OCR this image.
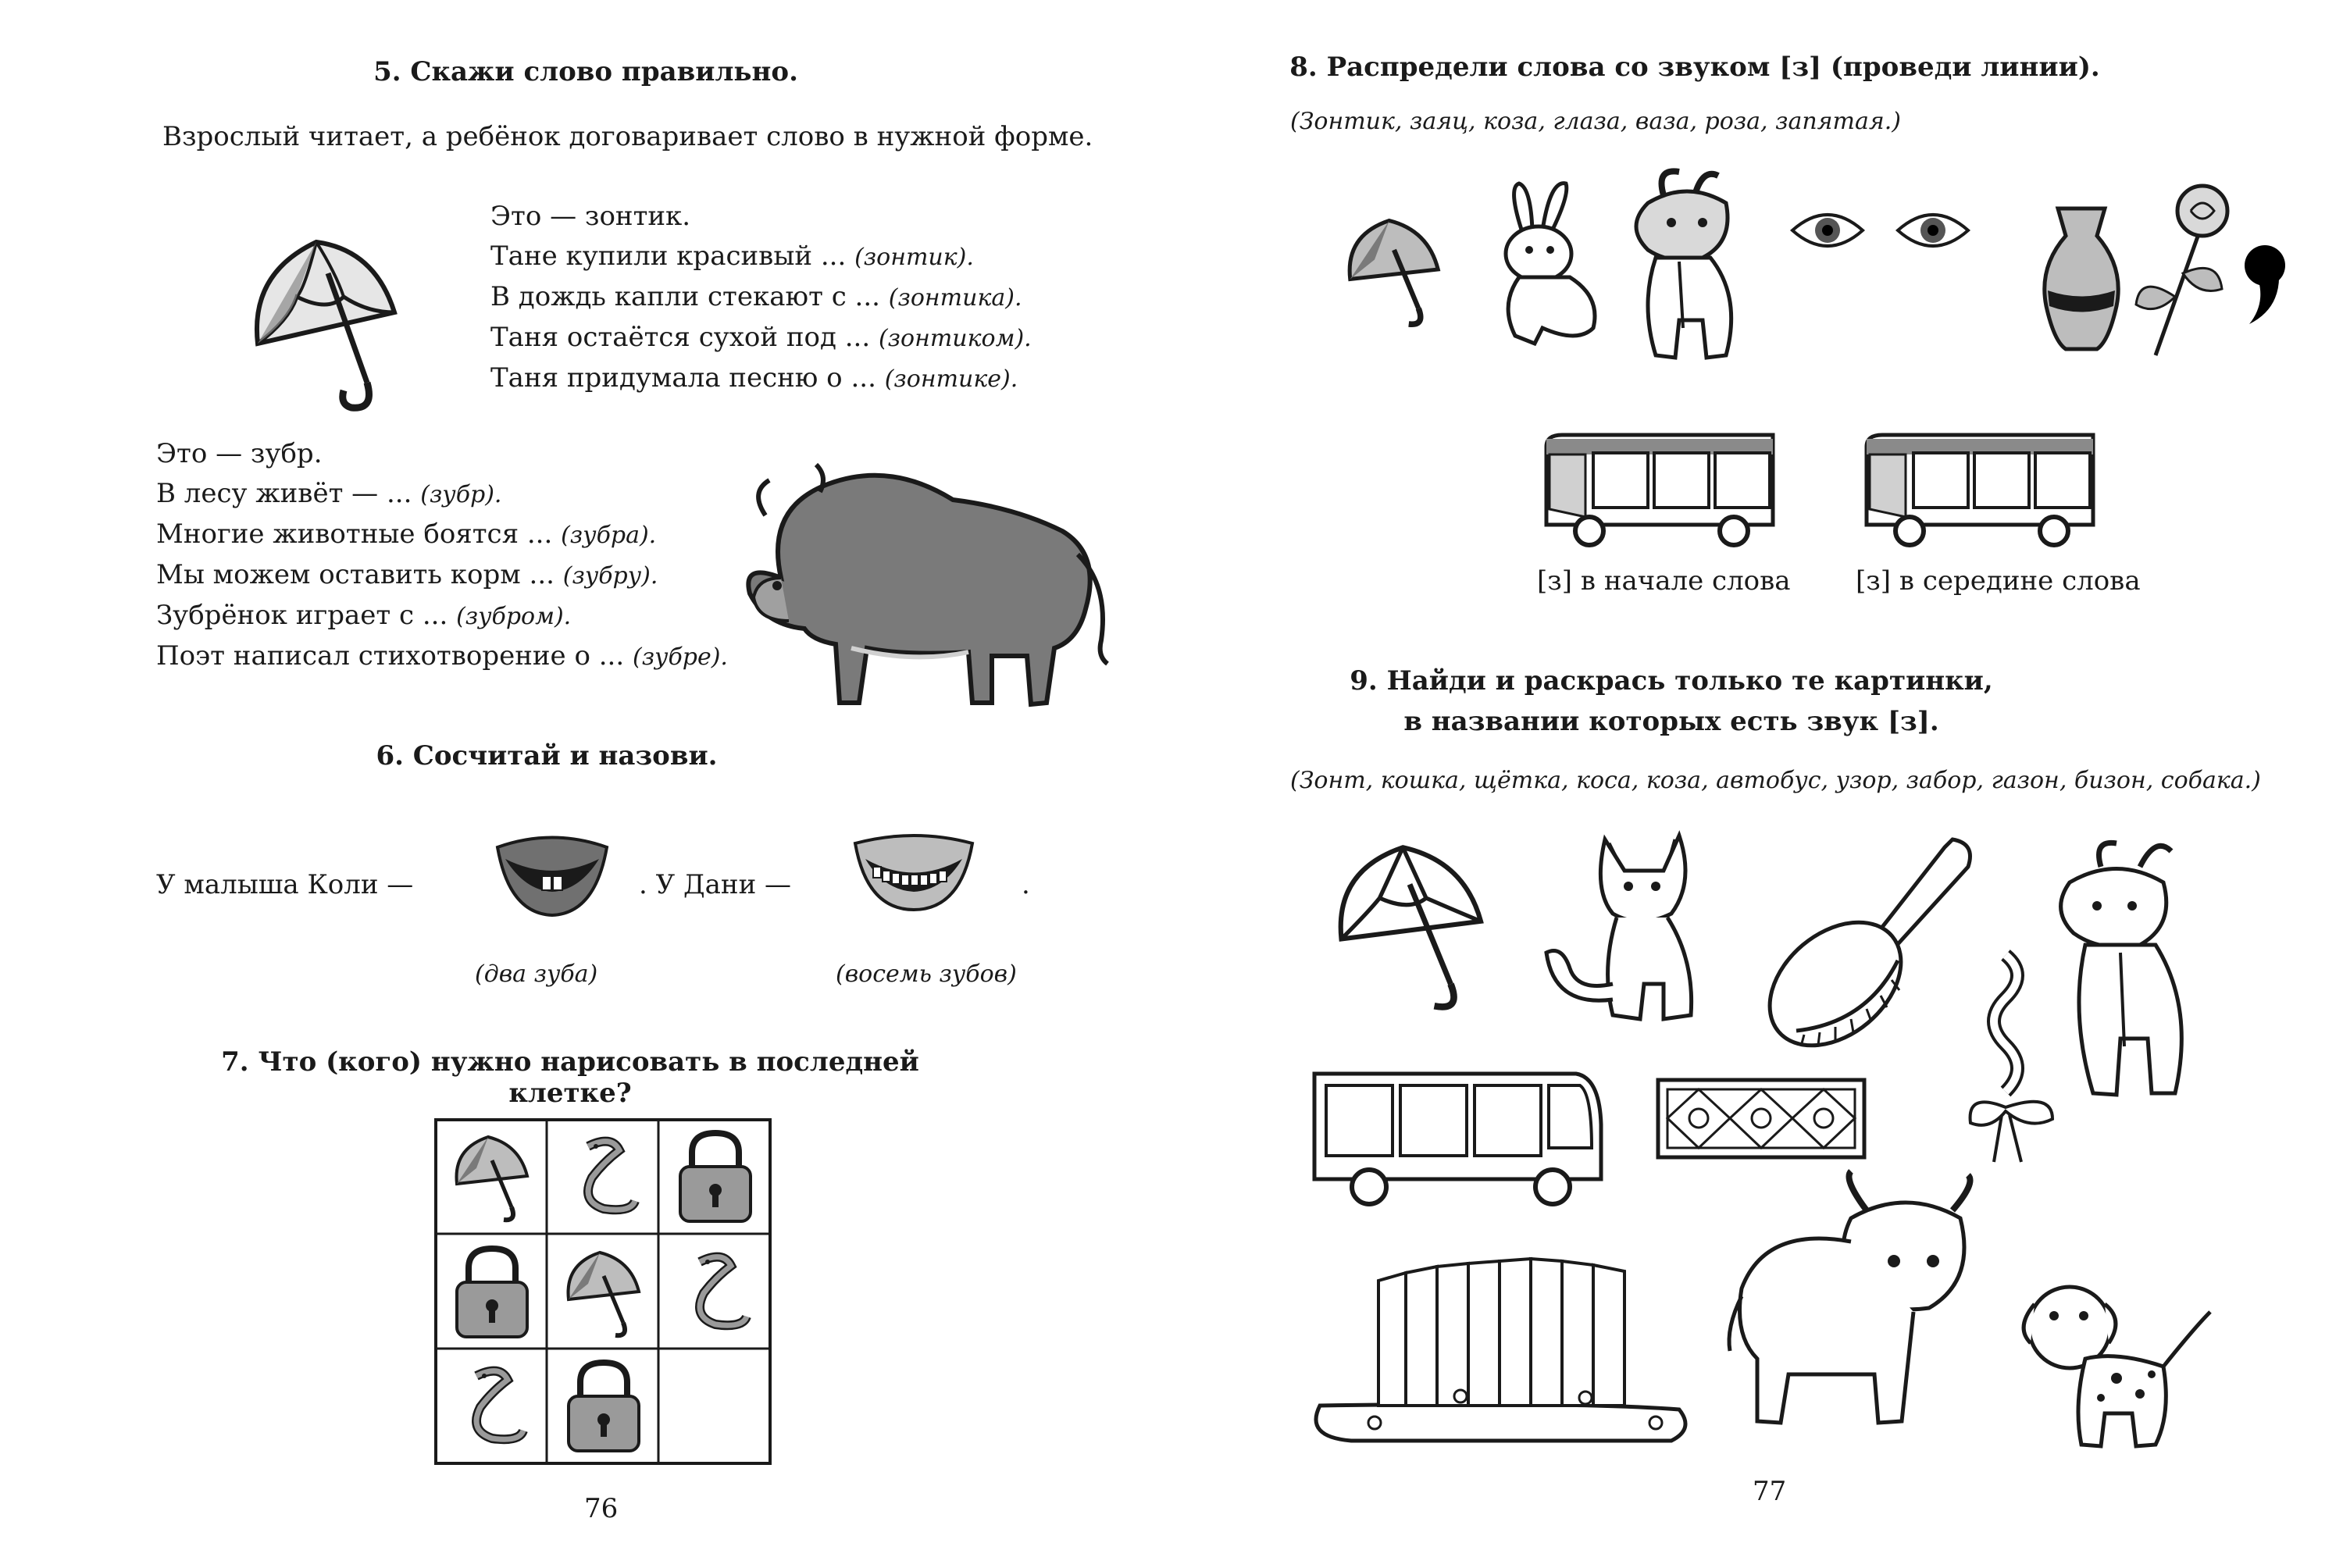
5. Скажи слово правильно.
Взрослый читает, а ребёнок договаривает слово в нужной форме.
Это — зонтик.
Тане купили красивый ... (зонтик).
В дождь капли стекают с ... (зонтика).
Таня остаётся сухой под ... (зонтиком).
Таня придумала песню о ... (зонтике).
Это — зубр.
В лесу живёт — ... (зубр).
Многие животные боятся ... (зубра).
Мы можем оставить корм ... (зубру).
Зубрёнок играет с ... (зубром).
Поэт написал стихотворение о ... (зубре).
6. Сосчитай и назови.
У малыша Коли —	. У Дани —	.
(два зуба)	(восемь зубов)
7. Что (кого) нужно нарисовать в последней клетке?
76
8. Распредели слова со звуком [з] (проведи линии).
(Зонтик, заяц, коза, глаза, ваза, роза, запятая.)
[з] в начале слова [з] в середине слова
9. Найди и раскрась только те картинки,
в названии которых есть звук [з].
(Зонт, кошка, щётка, коса, коза, автобус, узор, забор, газон, бизон, собака.)
77
